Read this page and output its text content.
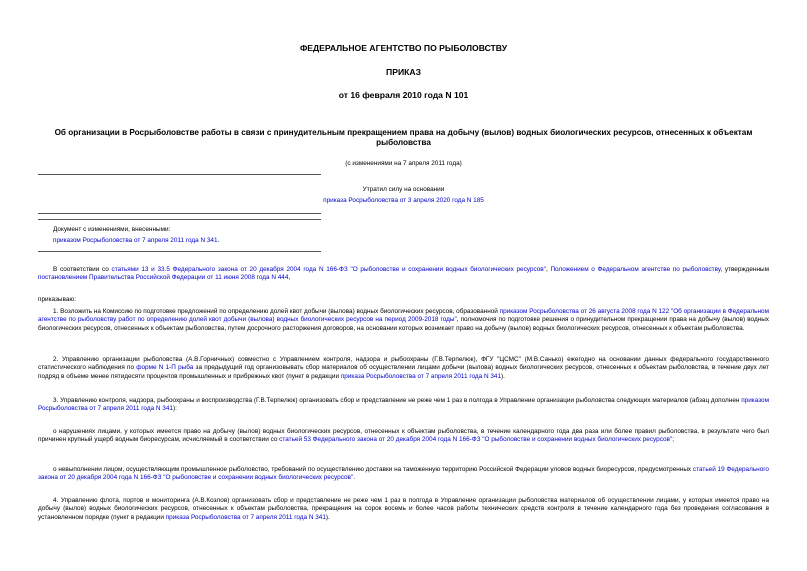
ФЕДЕРАЛЬНОЕ АГЕНТСТВО ПО РЫБОЛОВСТВУ
ПРИКАЗ
от 16 февраля 2010 года N 101
Об организации в Росрыболовстве работы в связи с принудительным прекращением права на добычу (вылов) водных биологических ресурсов, отнесенных к объектам рыболовства
(с изменениями на 7 апреля 2011 года)
Утратил силу на основании
приказа Росрыболовства от 3 апреля 2020 года N 185
Документ с изменениями, внесенными:
приказом Росрыболовства от 7 апреля 2011 года N 341.
В соответствии со статьями 13 и 33.5 Федерального закона от 20 декабря 2004 года N 166-ФЗ "О рыболовстве и сохранении водных биологических ресурсов", Положением о Федеральном агентстве по рыболовству, утвержденным постановлением Правительства Российской Федерации от 11 июня 2008 года N 444,
приказываю:
1. Возложить на Комиссию по подготовке предложений по определению долей квот добычи (вылова) водных биологических ресурсов, образованной приказом Росрыболовства от 26 августа 2008 года N 122 "Об организации в Федеральном агентстве по рыболовству работ по определению долей квот добычи (вылова) водных биологических ресурсов на период 2009-2018 годы", полномочия по подготовке решения о принудительном прекращении права на добычу (вылов) водных биологических ресурсов, отнесенных к объектам рыболовства, путем досрочного расторжения договоров, на основании которых возникает право на добычу (вылов) водных биологических ресурсов, отнесенных к объектам рыболовства.
2. Управлению организации рыболовства (А.В.Горничных) совместно с Управлением контроля, надзора и рыбоохраны (Г.В.Терпелюк), ФГУ "ЦСМС" (М.В.Санько) ежегодно на основании данных федерального государственного статистического наблюдения по форме N 1-П рыба за предыдущий год организовывать сбор материалов об осуществлении лицами добычи (вылова) водных биологических ресурсов, отнесенных к объектам рыболовства, в течение двух лет подряд в объеме менее пятидесяти процентов промышленных и прибрежных квот (пункт в редакции приказа Росрыболовства от 7 апреля 2011 года N 341).
3. Управлению контроля, надзора, рыбоохраны и воспроизводства (Г.В.Терпелюк) организовать сбор и представление не реже чем 1 раз в полгода в Управление организации рыболовства следующих материалов (абзац дополнен приказом Росрыболовства от 7 апреля 2011 года N 341):
о нарушениях лицами, у которых имеется право на добычу (вылов) водных биологических ресурсов, отнесенных к объектам рыболовства, в течение календарного года два раза или более правил рыболовства, в результате чего был причинен крупный ущерб водным биоресурсам, исчисляемый в соответствии со статьей 53 Федерального закона от 20 декабря 2004 года N 166-ФЗ "О рыболовстве и сохранении водных биологических ресурсов";
о невыполнении лицом, осуществляющим промышленное рыболовство, требований по осуществлению доставки на таможенную территорию Российской Федерации уловов водных биоресурсов, предусмотренных статьей 19 Федерального закона от 20 декабря 2004 года N 166-ФЗ "О рыболовстве и сохранении водных биологических ресурсов".
4. Управлению флота, портов и мониторинга (А.В.Козлов) организовать сбор и представление не реже чем 1 раз в полгода в Управление организации рыболовства материалов об осуществлении лицами, у которых имеется право на добычу (вылов) водных биологических ресурсов, отнесенных к объектам рыболовства, прекращения на сорок восемь и более часов работы технических средств контроля в течение календарного года без проведения согласования в установленном порядке (пункт в редакции приказа Росрыболовства от 7 апреля 2011 года N 341).
